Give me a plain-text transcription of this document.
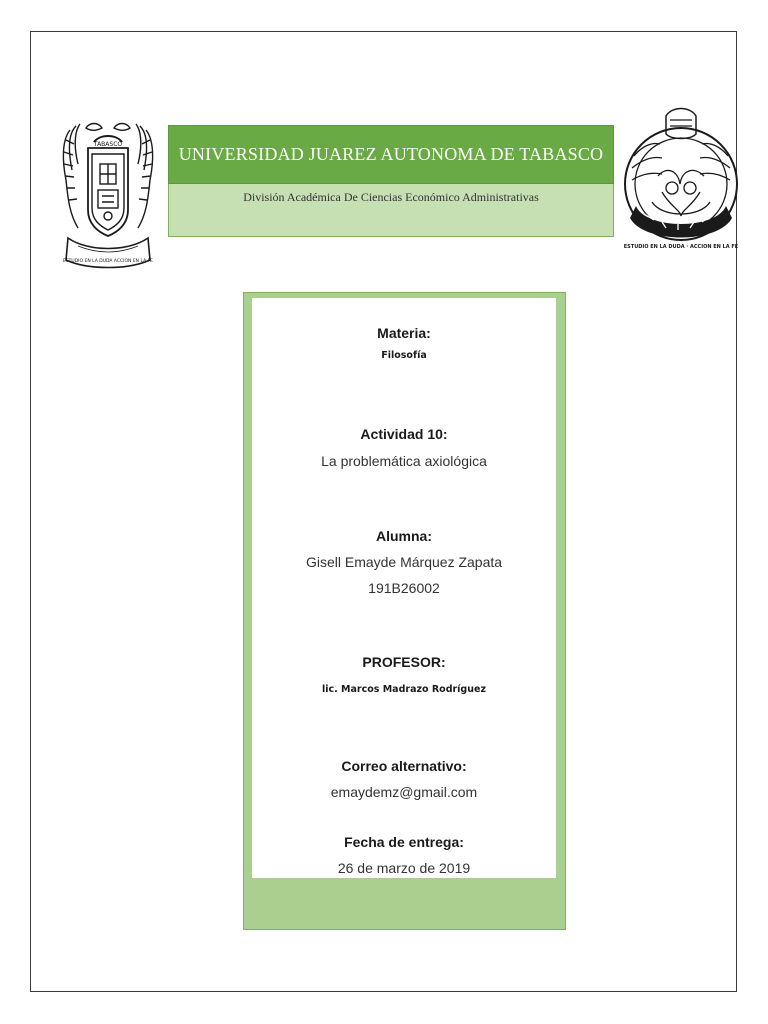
TABASCO
ESTUDIO EN LA DUDA ACCION EN LA FE
UNIVERSIDAD JUAREZ AUTONOMA DE TABASCO
División Académica De Ciencias Económico Administrativas
ESTUDIO EN LA DUDA · ACCION EN LA FE
Materia:
Filosofía
Actividad 10:
La problemática axiológica
Alumna:
Gisell Emayde Márquez Zapata
191B26002
PROFESOR:
lic. Marcos Madrazo Rodríguez
Correo alternativo:
emaydemz@gmail.com
Fecha de entrega:
26 de marzo de 2019
